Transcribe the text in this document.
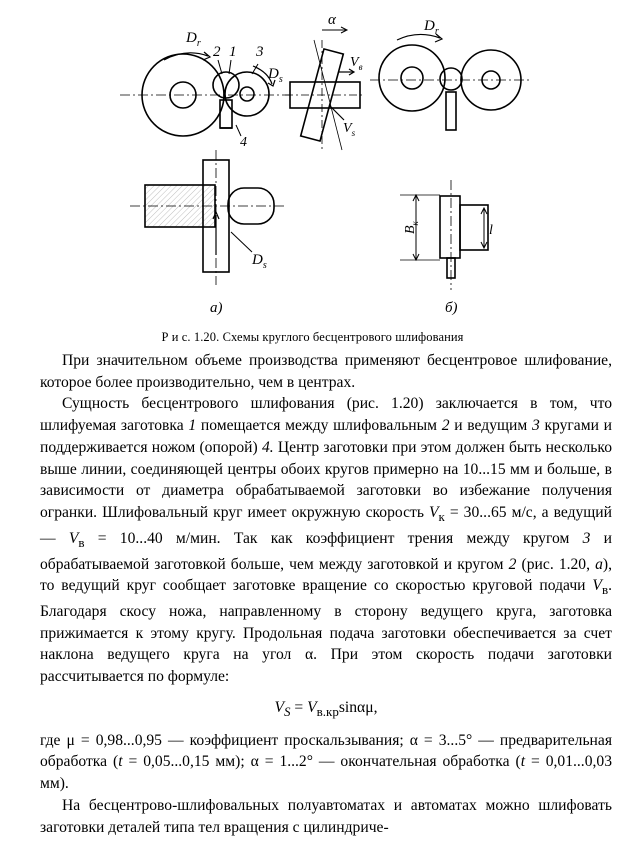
$D_r$
2 1 3
$D_s$
4
α
$V_в$
$V_s$
$D_s$
$D_r$
$B_к$	l
а)	б)
Р и с. 1.20. Схемы круглого бесцентрового шлифования

При значительном объеме производства применяют бесцентровое шлифование, которое более производительно, чем в центрах.

Сущность бесцентрового шлифования (рис. 1.20) заключается в том, что шлифуемая заготовка 1 помещается между шлифовальным 2 и ведущим 3 кругами и поддерживается ножом (опорой) 4. Центр заготовки при этом должен быть несколько выше линии, соединяющей центры обоих кругов примерно на 10...15 мм и больше, в зависимости от диаметра обрабатываемой заготовки во избежание получения огранки. Шлифовальный круг имеет окружную скорость $V_к = 30...65$ м/с, а ведущий — $V_в = 10...40$ м/мин. Так как коэффициент трения между кругом 3 и обрабатываемой заготовкой больше, чем между заготовкой и кругом 2 (рис. 1.20, а), то ведущий круг сообщает заготовке вращение со скоростью круговой подачи $V_в$. Благодаря скосу ножа, направленному в сторону ведущего круга, заготовка прижимается к этому кругу. Продольная подача заготовки обеспечивается за счет наклона ведущего круга на угол α. При этом скорость подачи заготовки рассчитывается по формуле:

$V_S = V_{в.кр}\sin\alpha\mu$,

где μ = 0,98...0,95 — коэффициент проскальзывания; α = 3...5° — предварительная обработка (t = 0,05...0,15 мм); α = 1...2° — окончательная обработка (t = 0,01...0,03 мм).

На бесцентрово-шлифовальных полуавтоматах и автоматах можно шлифовать заготовки деталей типа тел вращения с цилиндриче-
